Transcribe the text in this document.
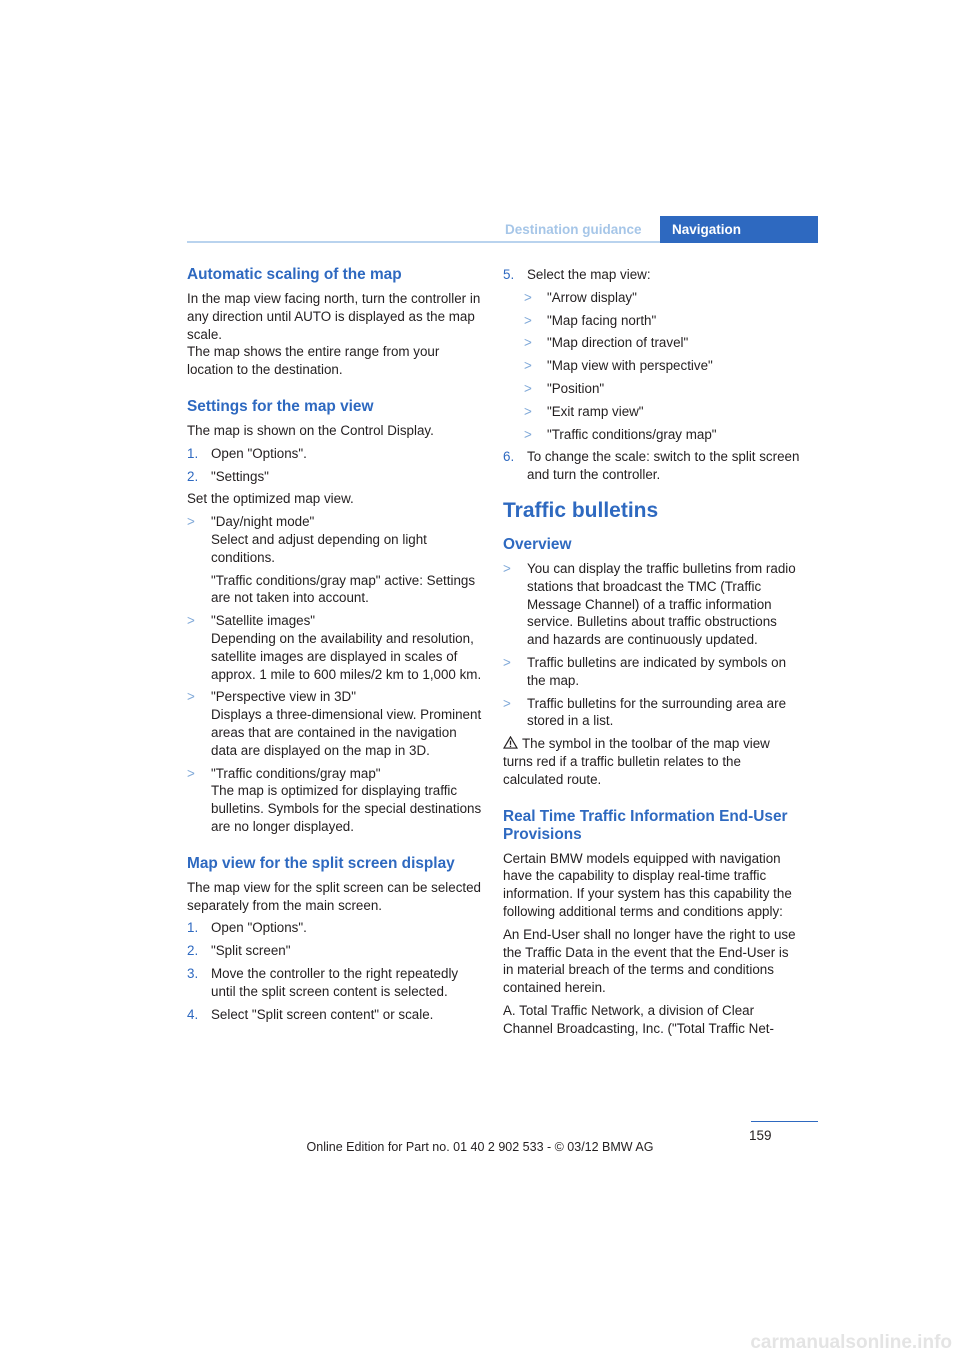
Destination guidance Navigation
Automatic scaling of the map

In the map view facing north, turn the controller in any direction until AUTO is displayed as the map scale.
The map shows the entire range from your location to the destination.

Settings for the map view

The map is shown on the Control Display.

1. Open "Options".
2. "Settings"

Set the optimized map view.

> "Day/night mode"
Select and adjust depending on light conditions.
"Traffic conditions/gray map" active: Settings are not taken into account.
> "Satellite images"
Depending on the availability and resolution, satellite images are displayed in scales of approx. 1 mile to 600 miles/2 km to 1,000 km.
> "Perspective view in 3D"
Displays a three-dimensional view. Prominent areas that are contained in the navigation data are displayed on the map in 3D.
> "Traffic conditions/gray map"
The map is optimized for displaying traffic bulletins. Symbols for the special destinations are no longer displayed.
Map view for the split screen display

The map view for the split screen can be selected separately from the main screen.

1. Open "Options".
2. "Split screen"
3. Move the controller to the right repeatedly until the split screen content is selected.
4. Select "Split screen content" or scale.
5. Select the map view:
> "Arrow display"
> "Map facing north"
> "Map direction of travel"
> "Map view with perspective"
> "Position"
> "Exit ramp view"
> "Traffic conditions/gray map"
6. To change the scale: switch to the split screen and turn the controller.
Traffic bulletins
Overview
> You can display the traffic bulletins from radio stations that broadcast the TMC (Traffic Message Channel) of a traffic information service. Bulletins about traffic obstructions and hazards are continuously updated.
> Traffic bulletins are indicated by symbols on the map.
> Traffic bulletins for the surrounding area are stored in a list.

The symbol in the toolbar of the map view turns red if a traffic bulletin relates to the calculated route.

Real Time Traffic Information End-User Provisions

Certain BMW models equipped with navigation have the capability to display real-time traffic information. If your system has this capability the following additional terms and conditions apply:

An End-User shall no longer have the right to use the Traffic Data in the event that the End-User is in material breach of the terms and conditions contained herein.

A. Total Traffic Network, a division of Clear Channel Broadcasting, Inc. ("Total Traffic Net-

159
Online Edition for Part no. 01 40 2 902 533 - © 03/12 BMW AG
carmanualsonline.info
